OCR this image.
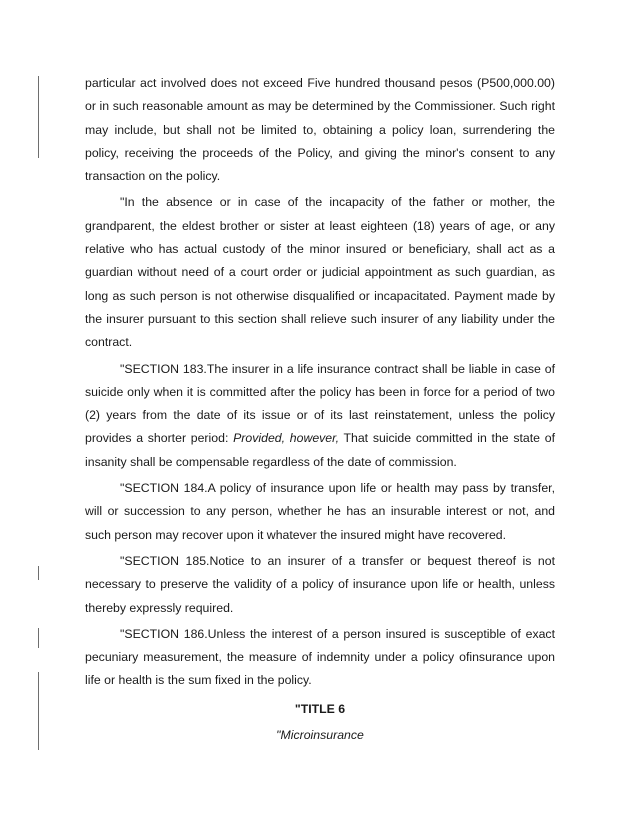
particular act involved does not exceed Five hundred thousand pesos (P500,000.00) or in such reasonable amount as may be determined by the Commissioner. Such right may include, but shall not be limited to, obtaining a policy loan, surrendering the policy, receiving the proceeds of the Policy, and giving the minor's consent to any transaction on the policy.

"In the absence or in case of the incapacity of the father or mother, the grandparent, the eldest brother or sister at least eighteen (18) years of age, or any relative who has actual custody of the minor insured or beneficiary, shall act as a guardian without need of a court order or judicial appointment as such guardian, as long as such person is not otherwise disqualified or incapacitated. Payment made by the insurer pursuant to this section shall relieve such insurer of any liability under the contract.

"SECTION 183.The insurer in a life insurance contract shall be liable in case of suicide only when it is committed after the policy has been in force for a period of two (2) years from the date of its issue or of its last reinstatement, unless the policy provides a shorter period: Provided, however, That suicide committed in the state of insanity shall be compensable regardless of the date of commission.

"SECTION 184.A policy of insurance upon life or health may pass by transfer, will or succession to any person, whether he has an insurable interest or not, and such person may recover upon it whatever the insured might have recovered.

"SECTION 185.Notice to an insurer of a transfer or bequest thereof is not necessary to preserve the validity of a policy of insurance upon life or health, unless thereby expressly required.

"SECTION 186.Unless the interest of a person insured is susceptible of exact pecuniary measurement, the measure of indemnity under a policy ofinsurance upon life or health is the sum fixed in the policy.

"TITLE 6

"Microinsurance
